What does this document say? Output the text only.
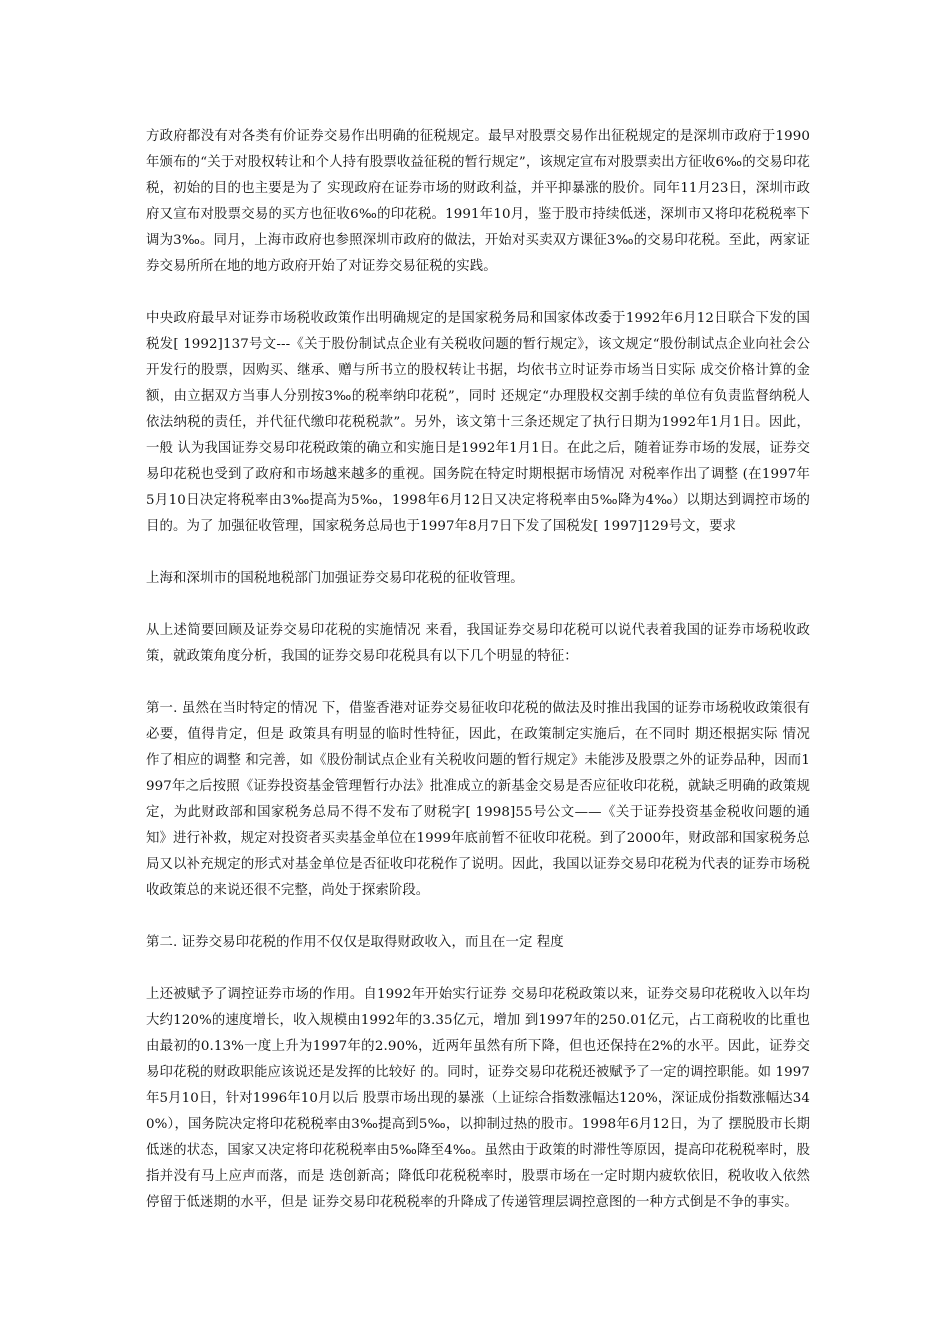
方政府都没有对各类有价证券交易作出明确的征税规定。最早对股票交易作出征税规定的是深圳市政府于1990年颁布的“关于对股权转让和个人持有股票收益征税的暂行规定”，该规定宣布对股票卖出方征收6‰的交易印花税，初始的目的也主要是为了 实现政府在证券市场的财政利益，并平抑暴涨的股价。同年11月23日，深圳市政府又宣布对股票交易的买方也征收6‰的印花税。1991年10月，鉴于股市持续低迷，深圳市又将印花税税率下调为3‰。同月，上海市政府也参照深圳市政府的做法，开始对买卖双方课征3‰的交易印花税。至此，两家证券交易所所在地的地方政府开始了对证券交易征税的实践。

中央政府最早对证券市场税收政策作出明确规定的是国家税务局和国家体改委于1992年6月12日联合下发的国税发[ 1992]137号文---《关于股份制试点企业有关税收问题的暂行规定》，该文规定“股份制试点企业向社会公开发行的股票，因购买、继承、赠与所书立的股权转让书据，均依书立时证券市场当日实际 成交价格计算的金额，由立据双方当事人分别按3‰的税率纳印花税”，同时 还规定“办理股权交割手续的单位有负责监督纳税人依法纳税的责任，并代征代缴印花税税款”。另外，该文第十三条还规定了执行日期为1992年1月1日。因此，一般 认为我国证券交易印花税政策的确立和实施日是1992年1月1日。在此之后，随着证券市场的发展，证券交易印花税也受到了政府和市场越来越多的重视。国务院在特定时期根据市场情况 对税率作出了调整 (在1997年5月10日决定将税率由3‰提高为5‰，1998年6月12日又决定将税率由5‰降为4‰）以期达到调控市场的目的。为了 加强征收管理，国家税务总局也于1997年8月7日下发了国税发[ 1997]129号文，要求

上海和深圳市的国税地税部门加强证券交易印花税的征收管理。

从上述简要回顾及证券交易印花税的实施情况 来看，我国证券交易印花税可以说代表着我国的证券市场税收政策，就政策角度分析，我国的证券交易印花税具有以下几个明显的特征：

第一. 虽然在当时特定的情况 下，借鉴香港对证券交易征收印花税的做法及时推出我国的证券市场税收政策很有必要，值得肯定，但是 政策具有明显的临时性特征，因此，在政策制定实施后，在不同时 期还根据实际 情况 作了相应的调整 和完善，如《股份制试点企业有关税收问题的暂行规定》未能涉及股票之外的证券品种，因而1997年之后按照《证券投资基金管理暂行办法》批准成立的新基金交易是否应征收印花税，就缺乏明确的政策规定，为此财政部和国家税务总局不得不发布了财税字[ 1998]55号公文——《关于证券投资基金税收问题的通知》进行补救，规定对投资者买卖基金单位在1999年底前暂不征收印花税。到了2000年，财政部和国家税务总局又以补充规定的形式对基金单位是否征收印花税作了说明。因此，我国以证券交易印花税为代表的证券市场税收政策总的来说还很不完整，尚处于探索阶段。

第二. 证券交易印花税的作用不仅仅是取得财政收入，而且在一定 程度

上还被赋予了调控证券市场的作用。自1992年开始实行证券 交易印花税政策以来，证券交易印花税收入以年均大约120%的速度增长，收入规模由1992年的3.35亿元，增加 到1997年的250.01亿元，占工商税收的比重也由最初的0.13%一度上升为1997年的2.90%，近两年虽然有所下降，但也还保持在2%的水平。因此，证券交易印花税的财政职能应该说还是发挥的比较好 的。同时，证券交易印花税还被赋予了一定的调控职能。如 1997年5月10日，针对1996年10月以后 股票市场出现的暴涨（上证综合指数涨幅达120%，深证成份指数涨幅达340%），国务院决定将印花税税率由3‰提高到5‰，以抑制过热的股市。1998年6月12日，为了 摆脱股市长期低迷的状态，国家又决定将印花税税率由5‰降至4‰。虽然由于政策的时滞性等原因，提高印花税税率时，股指并没有马上应声而落，而是 迭创新高；降低印花税税率时，股票市场在一定时期内疲软依旧，税收收入依然停留于低迷期的水平，但是 证券交易印花税税率的升降成了传递管理层调控意图的一种方式倒是不争的事实。
